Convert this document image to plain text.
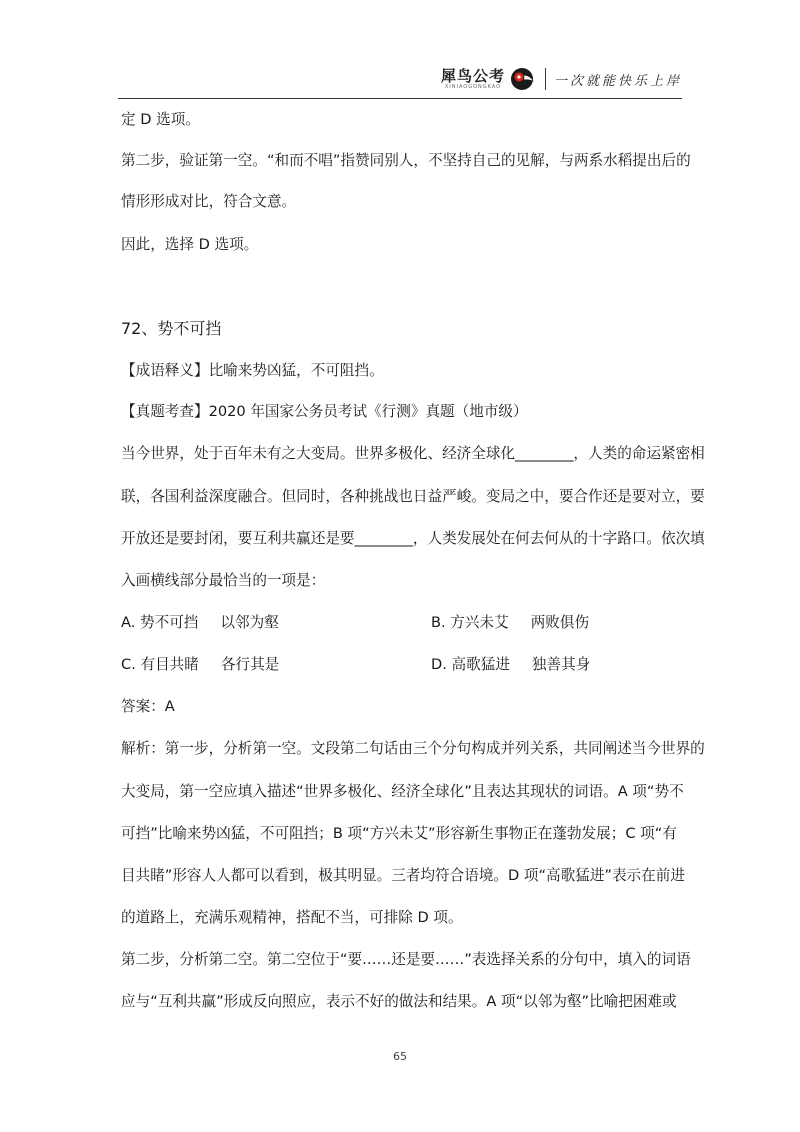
犀鸟公考
XINIAOGONGKAO	一次就能快乐上岸
定 D 选项。
第二步，验证第一空。“和而不唱”指赞同别人，不坚持自己的见解，与两系水稻提出后的
情形形成对比，符合文意。
因此，选择 D 选项。
72、势不可挡
【成语释义】比喻来势凶猛，不可阻挡。
【真题考查】2020 年国家公务员考试《行测》真题（地市级）
当今世界，处于百年未有之大变局。世界多极化、经济全球化________，人类的命运紧密相
联，各国利益深度融合。但同时，各种挑战也日益严峻。变局之中，要合作还是要对立，要
开放还是要封闭，要互利共赢还是要________，人类发展处在何去何从的十字路口。依次填
入画横线部分最恰当的一项是：
A. 势不可挡 以邻为壑	B. 方兴未艾 两败俱伤
C. 有目共睹 各行其是	D. 高歌猛进 独善其身
答案：A
解析：第一步，分析第一空。文段第二句话由三个分句构成并列关系，共同阐述当今世界的
大变局，第一空应填入描述“世界多极化、经济全球化”且表达其现状的词语。A 项“势不
可挡”比喻来势凶猛，不可阻挡；B 项“方兴未艾”形容新生事物正在蓬勃发展；C 项“有
目共睹”形容人人都可以看到，极其明显。三者均符合语境。D 项“高歌猛进”表示在前进
的道路上，充满乐观精神，搭配不当，可排除 D 项。
第二步，分析第二空。第二空位于“要……还是要……”表选择关系的分句中，填入的词语
应与“互利共赢”形成反向照应，表示不好的做法和结果。A 项“以邻为壑”比喻把困难或
65
